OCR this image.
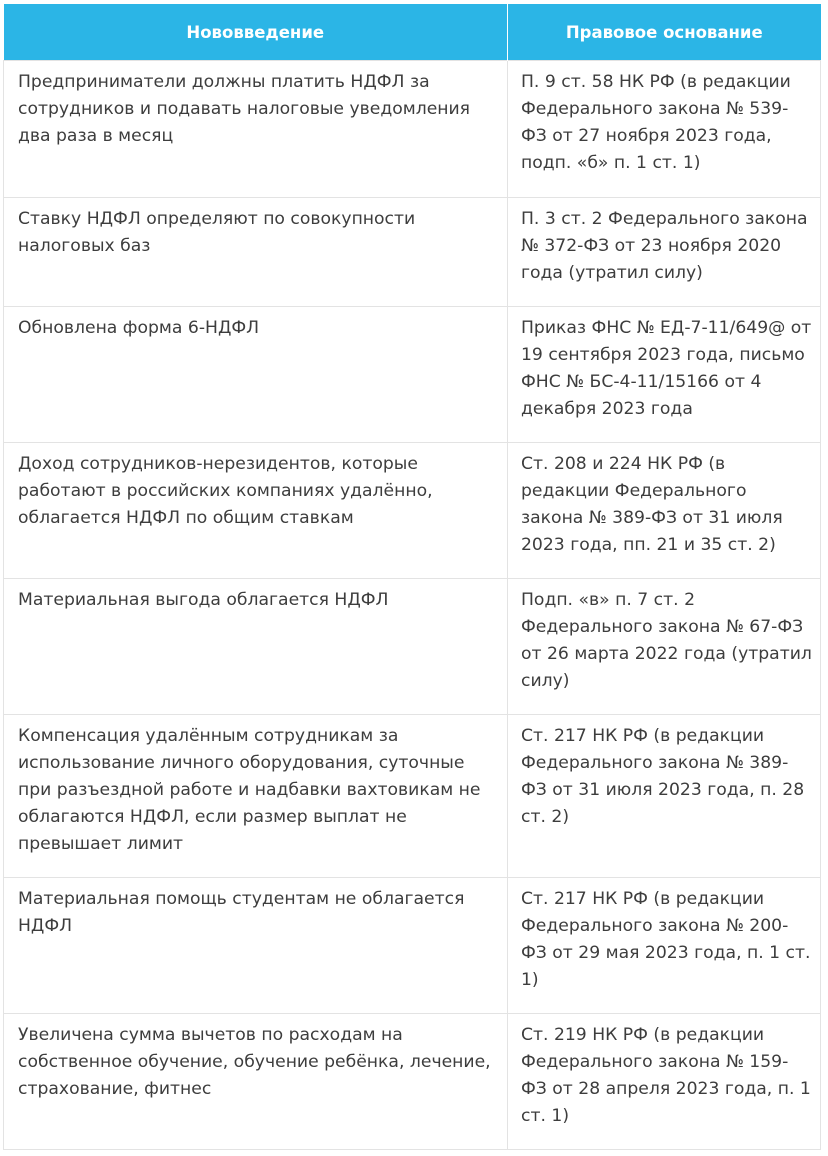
Нововведение	Правовое основание
Предприниматели должны платить НДФЛ за сотрудников и подавать налоговые уведомления два раза в месяц	П. 9 ст. 58 НК РФ (в редакции Федерального закона № 539-ФЗ от 27 ноября 2023 года, подп. «б» п. 1 ст. 1)
Ставку НДФЛ определяют по совокупности налоговых баз	П. 3 ст. 2 Федерального закона № 372-ФЗ от 23 ноября 2020 года (утратил силу)
Обновлена форма 6-НДФЛ	Приказ ФНС № ЕД-7-11/649@ от 19 сентября 2023 года, письмо ФНС № БС-4-11/15166 от 4 декабря 2023 года
Доход сотрудников-нерезидентов, которые работают в российских компаниях удалённо, облагается НДФЛ по общим ставкам	Ст. 208 и 224 НК РФ (в редакции Федерального закона № 389-ФЗ от 31 июля 2023 года, пп. 21 и 35 ст. 2)
Материальная выгода облагается НДФЛ	Подп. «в» п. 7 ст. 2 Федерального закона № 67-ФЗ от 26 марта 2022 года (утратил силу)
Компенсация удалённым сотрудникам за использование личного оборудования, суточные при разъездной работе и надбавки вахтовикам не облагаются НДФЛ, если размер выплат не превышает лимит	Ст. 217 НК РФ (в редакции Федерального закона № 389-ФЗ от 31 июля 2023 года, п. 28 ст. 2)
Материальная помощь студентам не облагается НДФЛ	Ст. 217 НК РФ (в редакции Федерального закона № 200-ФЗ от 29 мая 2023 года, п. 1 ст. 1)
Увеличена сумма вычетов по расходам на собственное обучение, обучение ребёнка, лечение, страхование, фитнес	Ст. 219 НК РФ (в редакции Федерального закона № 159-ФЗ от 28 апреля 2023 года, п. 1 ст. 1)
